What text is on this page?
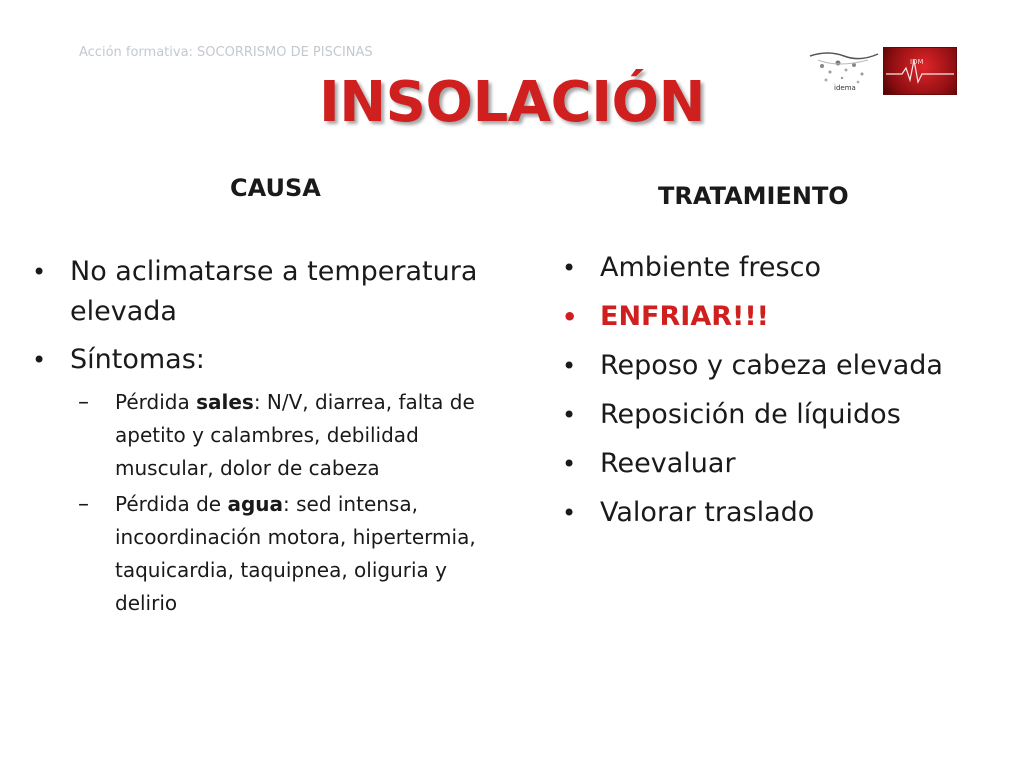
Acción formativa: SOCORRISMO DE PISCINAS
idema
IDM
INSOLACIÓN
CAUSA	TRATAMIENTO
• No aclimatarse a temperatura elevada
• Síntomas:
– Pérdida sales: N/V, diarrea, falta de apetito y calambres, debilidad muscular, dolor de cabeza
– Pérdida de agua: sed intensa, incoordinación motora, hipertermia, taquicardia, taquipnea, oliguria y delirio
• Ambiente fresco
• ENFRIAR!!!
• Reposo y cabeza elevada
• Reposición de líquidos
• Reevaluar
• Valorar traslado
